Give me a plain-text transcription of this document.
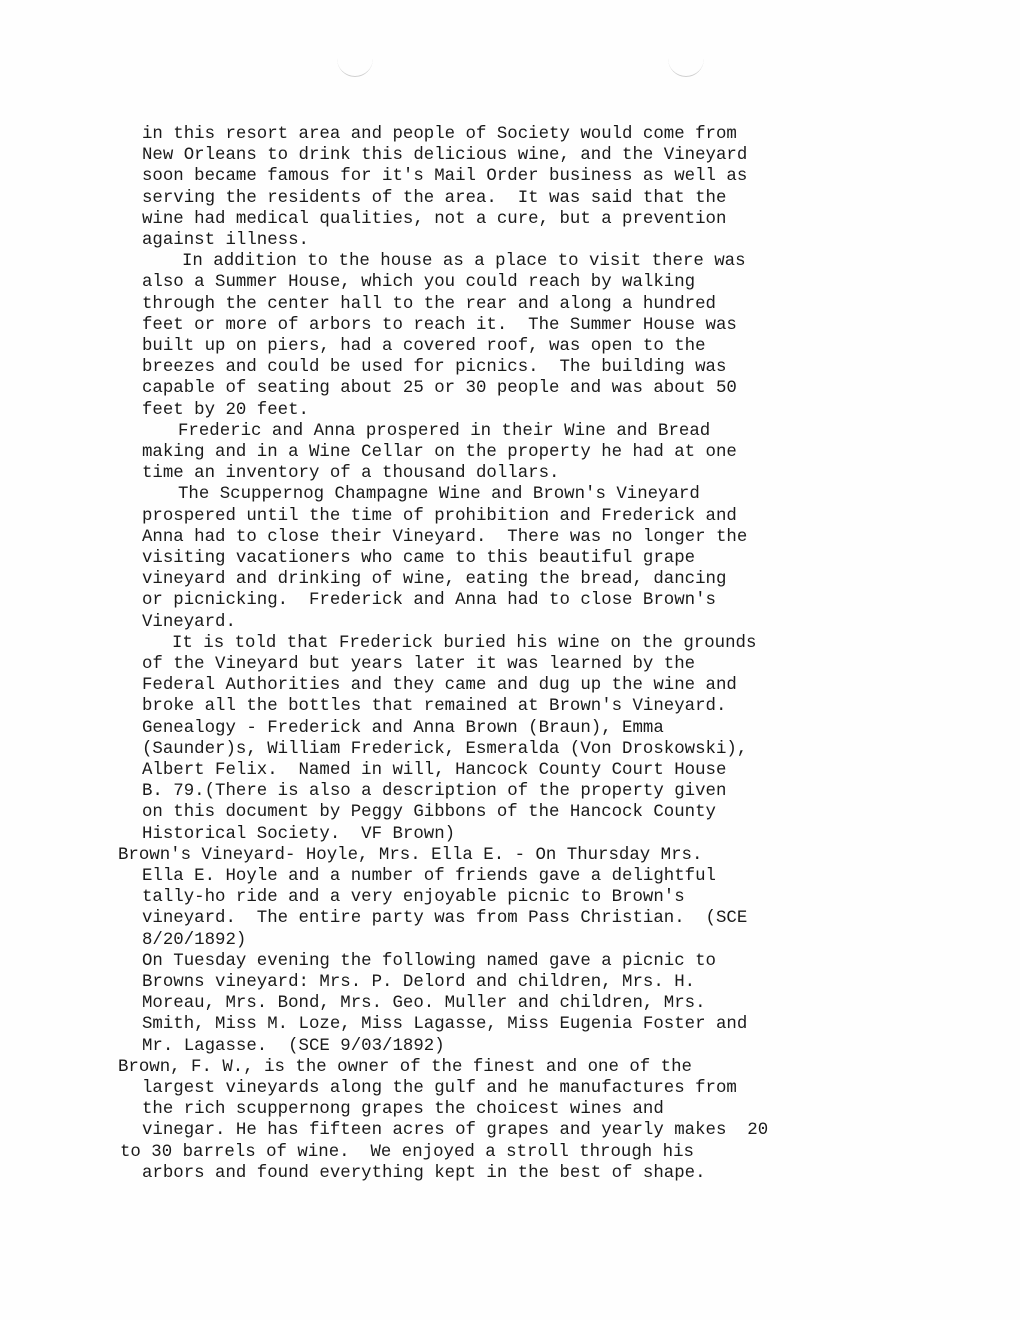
in this resort area and people of Society would come from
New Orleans to drink this delicious wine, and the Vineyard
soon became famous for it's Mail Order business as well as
serving the residents of the area.  It was said that the
wine had medical qualities, not a cure, but a prevention
against illness.
In addition to the house as a place to visit there was
also a Summer House, which you could reach by walking
through the center hall to the rear and along a hundred
feet or more of arbors to reach it.  The Summer House was
built up on piers, had a covered roof, was open to the
breezes and could be used for picnics.  The building was
capable of seating about 25 or 30 people and was about 50
feet by 20 feet.
Frederic and Anna prospered in their Wine and Bread
making and in a Wine Cellar on the property he had at one
time an inventory of a thousand dollars.
The Scuppernog Champagne Wine and Brown's Vineyard
prospered until the time of prohibition and Frederick and
Anna had to close their Vineyard.  There was no longer the
visiting vacationers who came to this beautiful grape
vineyard and drinking of wine, eating the bread, dancing
or picnicking.  Frederick and Anna had to close Brown's
Vineyard.
It is told that Frederick buried his wine on the grounds
of the Vineyard but years later it was learned by the
Federal Authorities and they came and dug up the wine and
broke all the bottles that remained at Brown's Vineyard.
Genealogy - Frederick and Anna Brown (Braun), Emma
(Saunder)s, William Frederick, Esmeralda (Von Droskowski),
Albert Felix.  Named in will, Hancock County Court House
B. 79.(There is also a description of the property given
on this document by Peggy Gibbons of the Hancock County
Historical Society.  VF Brown)
Brown's Vineyard- Hoyle, Mrs. Ella E. - On Thursday Mrs.
Ella E. Hoyle and a number of friends gave a delightful
tally-ho ride and a very enjoyable picnic to Brown's
vineyard.  The entire party was from Pass Christian.  (SCE
8/20/1892)
On Tuesday evening the following named gave a picnic to
Browns vineyard: Mrs. P. Delord and children, Mrs. H.
Moreau, Mrs. Bond, Mrs. Geo. Muller and children, Mrs.
Smith, Miss M. Loze, Miss Lagasse, Miss Eugenia Foster and
Mr. Lagasse.  (SCE 9/03/1892)
Brown, F. W., is the owner of the finest and one of the
largest vineyards along the gulf and he manufactures from
the rich scuppernong grapes the choicest wines and
vinegar. He has fifteen acres of grapes and yearly makes  20
to 30 barrels of wine.  We enjoyed a stroll through his
arbors and found everything kept in the best of shape.
